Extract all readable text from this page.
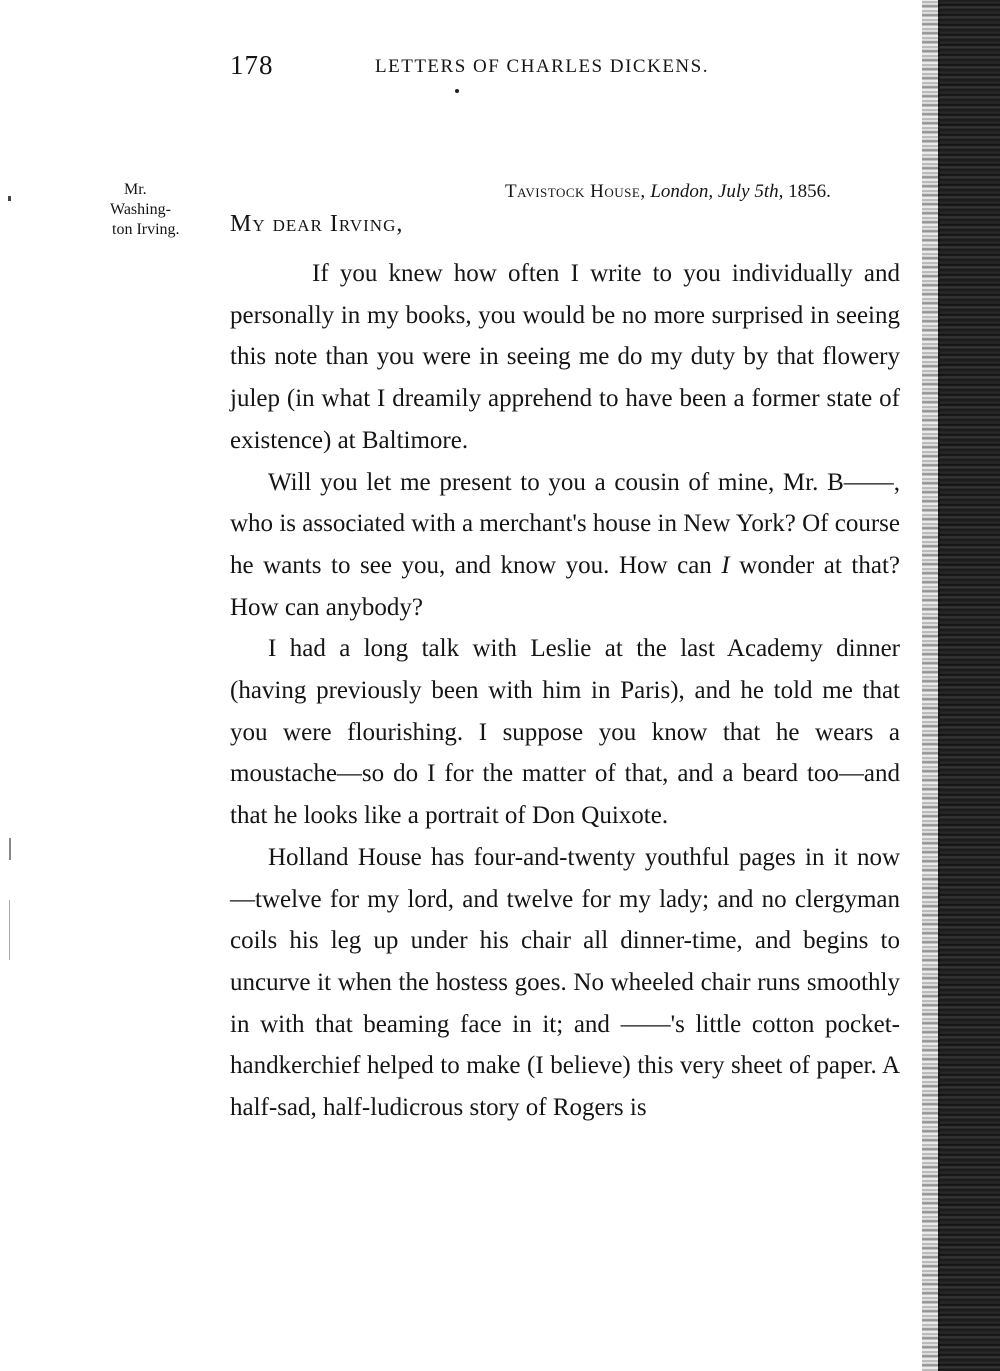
178	LETTERS OF CHARLES DICKENS.
Mr.
Washing-
ton Irving.
Tavistock House, London, July 5th, 1856.
My dear Irving,

If you knew how often I write to you individually and personally in my books, you would be no more surprised in seeing this note than you were in seeing me do my duty by that flowery julep (in what I dreamily apprehend to have been a former state of existence) at Baltimore.

Will you let me present to you a cousin of mine, Mr. B——, who is associated with a merchant's house in New York? Of course he wants to see you, and know you. How can I wonder at that? How can anybody?

I had a long talk with Leslie at the last Academy dinner (having previously been with him in Paris), and he told me that you were flourishing. I suppose you know that he wears a moustache—so do I for the matter of that, and a beard too—and that he looks like a portrait of Don Quixote.

Holland House has four-and-twenty youthful pages in it now—twelve for my lord, and twelve for my lady; and no clergyman coils his leg up under his chair all dinner-time, and begins to uncurve it when the hostess goes. No wheeled chair runs smoothly in with that beaming face in it; and ——'s little cotton pocket-handkerchief helped to make (I believe) this very sheet of paper. A half-sad, half-ludicrous story of Rogers is
